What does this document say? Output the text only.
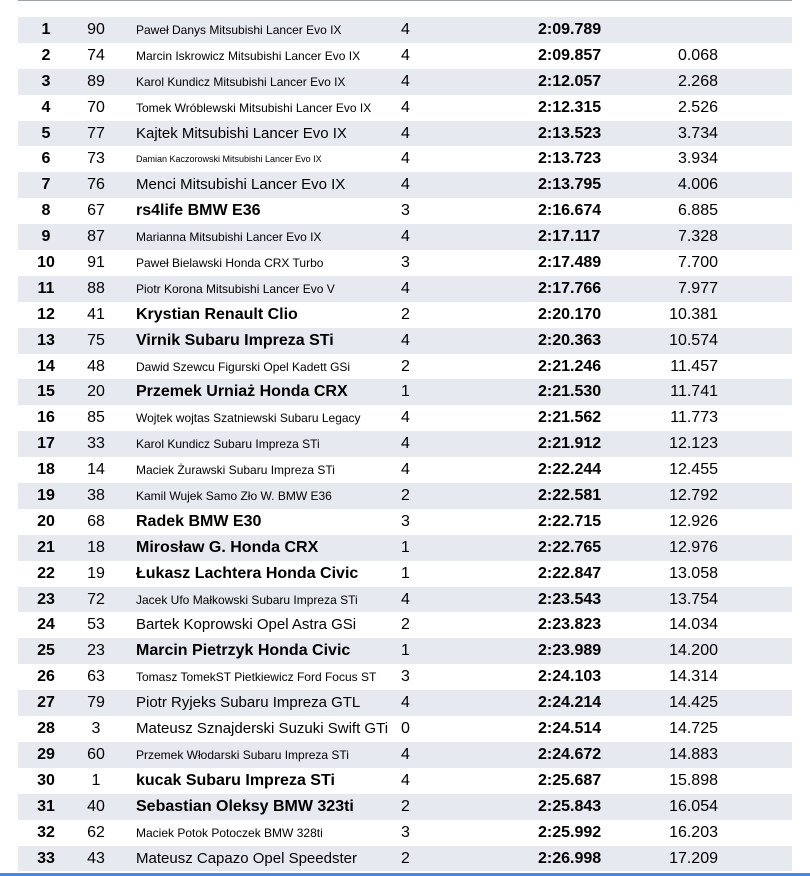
1	90	Paweł Danys Mitsubishi Lancer Evo IX	4	2:09.789
2	74	Marcin Iskrowicz Mitsubishi Lancer Evo IX	4	2:09.857	0.068
3	89	Karol Kundicz Mitsubishi Lancer Evo IX	4	2:12.057	2.268
4	70	Tomek Wróblewski Mitsubishi Lancer Evo IX	4	2:12.315	2.526
5	77	Kajtek Mitsubishi Lancer Evo IX	4	2:13.523	3.734
6	73	Damian Kaczorowski Mitsubishi Lancer Evo IX	4	2:13.723	3.934
7	76	Menci Mitsubishi Lancer Evo IX	4	2:13.795	4.006
8	67	rs4life BMW E36	3	2:16.674	6.885
9	87	Marianna Mitsubishi Lancer Evo IX	4	2:17.117	7.328
10	91	Paweł Bielawski Honda CRX Turbo	3	2:17.489	7.700
11	88	Piotr Korona Mitsubishi Lancer Evo V	4	2:17.766	7.977
12	41	Krystian Renault Clio	2	2:20.170	10.381
13	75	Virnik Subaru Impreza STi	4	2:20.363	10.574
14	48	Dawid Szewcu Figurski Opel Kadett GSi	2	2:21.246	11.457
15	20	Przemek Urniaż Honda CRX	1	2:21.530	11.741
16	85	Wojtek wojtas Szatniewski Subaru Legacy	4	2:21.562	11.773
17	33	Karol Kundicz Subaru Impreza STi	4	2:21.912	12.123
18	14	Maciek Żurawski Subaru Impreza STi	4	2:22.244	12.455
19	38	Kamil Wujek Samo Zło W. BMW E36	2	2:22.581	12.792
20	68	Radek BMW E30	3	2:22.715	12.926
21	18	Mirosław G. Honda CRX	1	2:22.765	12.976
22	19	Łukasz Lachtera Honda Civic	1	2:22.847	13.058
23	72	Jacek Ufo Małkowski Subaru Impreza STi	4	2:23.543	13.754
24	53	Bartek Koprowski Opel Astra GSi	2	2:23.823	14.034
25	23	Marcin Pietrzyk Honda Civic	1	2:23.989	14.200
26	63	Tomasz TomekST Pietkiewicz Ford Focus ST	3	2:24.103	14.314
27	79	Piotr Ryjeks Subaru Impreza GTL	4	2:24.214	14.425
28	3	Mateusz Sznajderski Suzuki Swift GTi 0	2:24.514	14.725
29	60	Przemek Włodarski Subaru Impreza STi	4	2:24.672	14.883
30	1	kucak Subaru Impreza STi	4	2:25.687	15.898
31	40	Sebastian Oleksy BMW 323ti	2	2:25.843	16.054
32	62	Maciek Potok Potoczek BMW 328ti	3	2:25.992	16.203
33	43	Mateusz Capazo Opel Speedster	2	2:26.998	17.209
